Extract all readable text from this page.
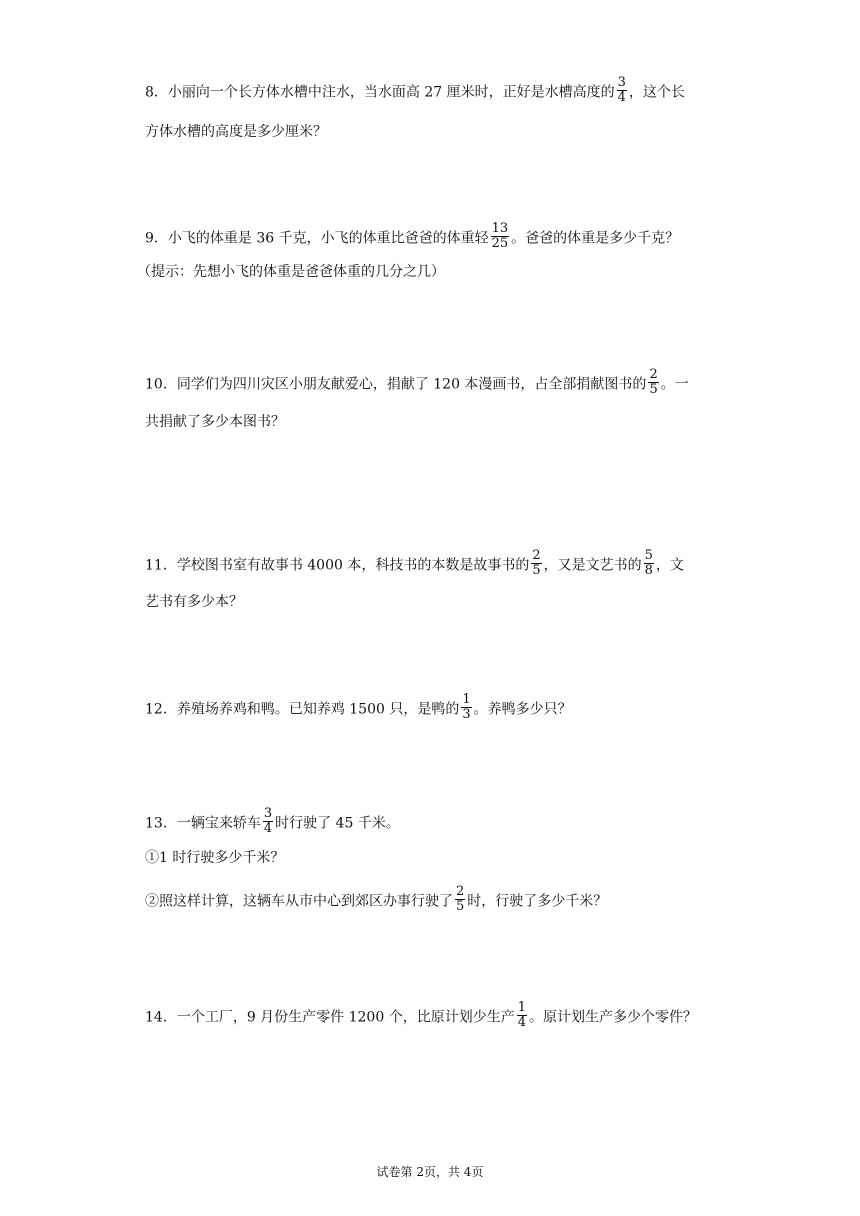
8．小丽向一个长方体水槽中注水，当水面高 27 厘米时，正好是水槽高度的 $\frac{3}{4}$ ，这个长
方体水槽的高度是多少厘米？
9．小飞的体重是 36 千克，小飞的体重比爸爸的体重轻 $\frac{13}{25}$ 。爸爸的体重是多少千克？
（提示：先想小飞的体重是爸爸体重的几分之几）
10．同学们为四川灾区小朋友献爱心，捐献了 120 本漫画书，占全部捐献图书的 $\frac{2}{5}$ 。一
共捐献了多少本图书？
11．学校图书室有故事书 4000 本，科技书的本数是故事书的 $\frac{2}{5}$ ，又是文艺书的 $\frac{5}{8}$ ，文
艺书有多少本？
12．养殖场养鸡和鸭。已知养鸡 1500 只，是鸭的 $\frac{1}{3}$ 。养鸭多少只？
13．一辆宝来轿车 $\frac{3}{4}$ 时行驶了 45 千米。
①1 时行驶多少千米？
②照这样计算，这辆车从市中心到郊区办事行驶了 $\frac{2}{5}$ 时，行驶了多少千米？
14．一个工厂，9 月份生产零件 1200 个，比原计划少生产 $\frac{1}{4}$ 。原计划生产多少个零件？
试卷第 2页，共 4页
